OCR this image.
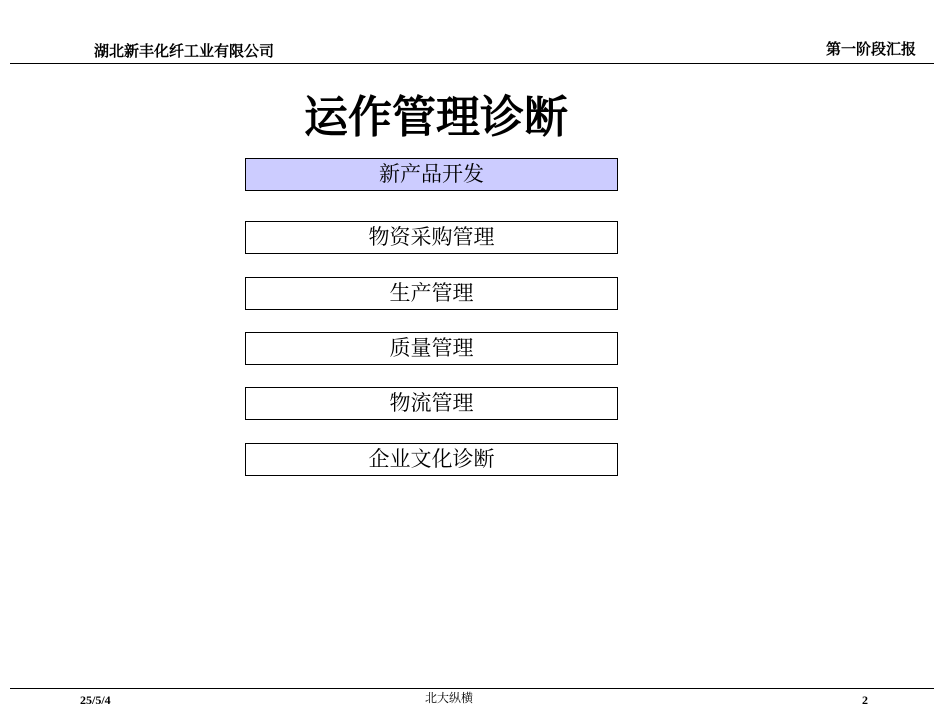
湖北新丰化纤工业有限公司	第一阶段汇报
运作管理诊断
新产品开发
物资采购管理
生产管理
质量管理
物流管理
企业文化诊断
25/5/4	北大纵横	2
